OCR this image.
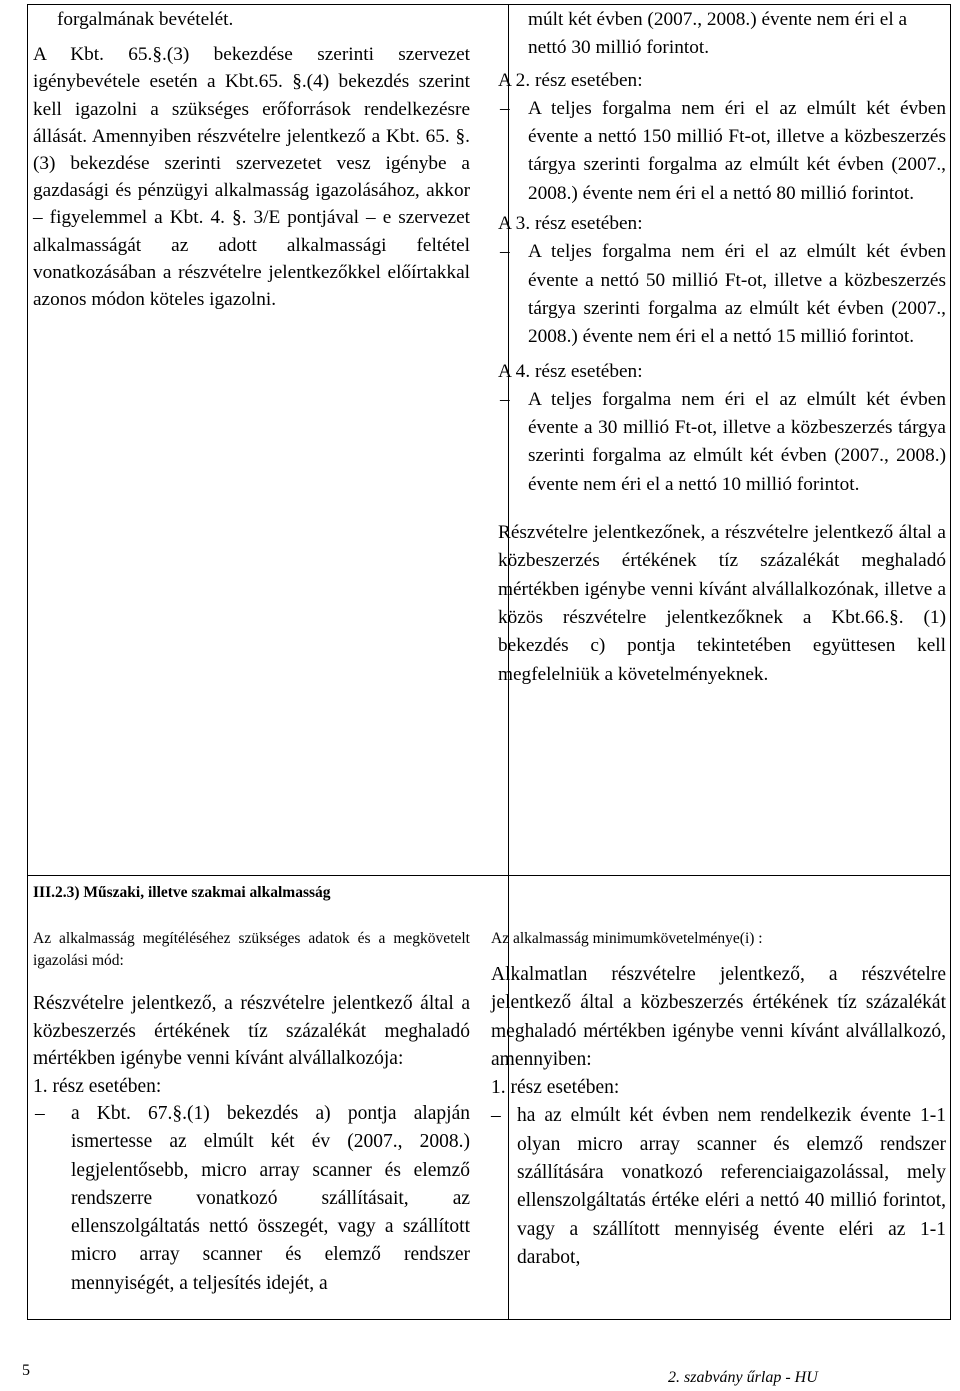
forgalmának bevételét.

A Kbt. 65.§.(3) bekezdése szerinti szervezet igénybevétele esetén a Kbt.65. §.(4) bekezdés szerint kell igazolni a szükséges erőforrások rendelkezésre állását. Amennyiben részvételre jelentkező a Kbt. 65. §.(3) bekezdése szerinti szervezetet vesz igénybe a gazdasági és pénzügyi alkalmasság igazolásához, akkor – figyelemmel a Kbt. 4. §. 3/E pontjával – e szervezet alkalmasságát az adott alkalmassági feltétel vonatkozásában a részvételre jelentkezőkkel előírtakkal azonos módon köteles igazolni.

múlt két évben (2007., 2008.) évente nem éri el a nettó 30 millió forintot.

A 2. rész esetében:

– A teljes forgalma nem éri el az elmúlt két évben évente a nettó 150 millió Ft-ot, illetve a közbeszerzés tárgya szerinti forgalma az elmúlt két évben (2007., 2008.) évente nem éri el a nettó 80 millió forintot.

A 3. rész esetében:

– A teljes forgalma nem éri el az elmúlt két évben évente a nettó 50 millió Ft-ot, illetve a közbeszerzés tárgya szerinti forgalma az elmúlt két évben (2007., 2008.) évente nem éri el a nettó 15 millió forintot.

A 4. rész esetében:

– A teljes forgalma nem éri el az elmúlt két évben évente a 30 millió Ft-ot, illetve a közbeszerzés tárgya szerinti forgalma az elmúlt két évben (2007., 2008.) évente nem éri el a nettó 10 millió forintot.

Részvételre jelentkezőnek, a részvételre jelentkező által a közbeszerzés értékének tíz százalékát meghaladó mértékben igénybe venni kívánt alvállalkozónak, illetve a közös részvételre jelentkezőknek a Kbt.66.§. (1) bekezdés c) pontja tekintetében együttesen kell megfelelniük a követelményeknek.

III.2.3) Műszaki, illetve szakmai alkalmasság

Az alkalmasság megítéléséhez szükséges adatok és a megkövetelt igazolási mód:

Részvételre jelentkező, a részvételre jelentkező által a közbeszerzés értékének tíz százalékát meghaladó mértékben igénybe venni kívánt alvállalkozója:

1. rész esetében:

– a Kbt. 67.§.(1) bekezdés a) pontja alapján ismertesse az elmúlt két év (2007., 2008.) legjelentősebb, micro array scanner és elemző rendszerre vonatkozó szállításait, az ellenszolgáltatás nettó összegét, vagy a szállított micro array scanner és elemző rendszer mennyiségét, a teljesítés idejét, a

Az alkalmasság minimumkövetelménye(i) :

Alkalmatlan részvételre jelentkező, a részvételre jelentkező által a közbeszerzés értékének tíz százalékát meghaladó mértékben igénybe venni kívánt alvállalkozó, amennyiben:

1. rész esetében:

– ha az elmúlt két évben nem rendelkezik évente 1-1 olyan micro array scanner és elemző rendszer szállítására vonatkozó referenciaigazolással, mely ellenszolgáltatás értéke eléri a nettó 40 millió forintot, vagy a szállított mennyiség évente eléri az 1-1 darabot,
5	2. szabvány űrlap - HU
